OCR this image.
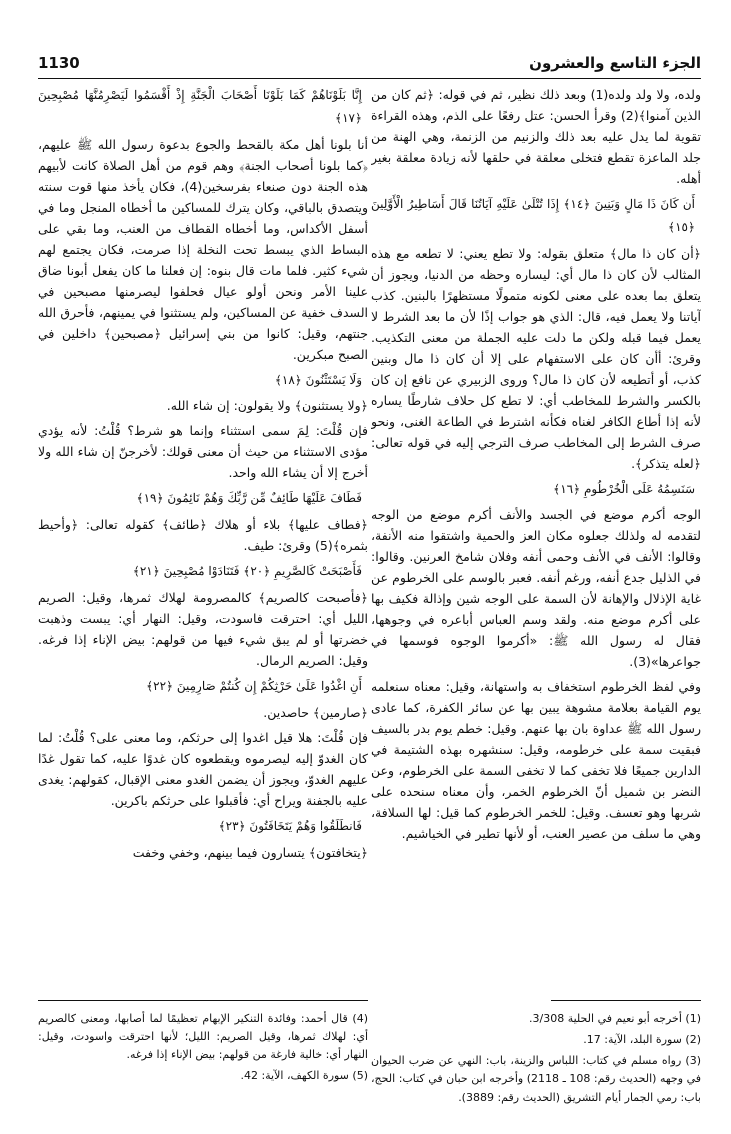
الجزء التاسع والعشرون
1130

ولده، ولا ولد ولده(1) وبعد ذلك نظير، ثم في قوله: ﴿ثم كان من الذين آمنوا﴾(2) وقرأ الحسن: عتل رفعًا على الذم، وهذه القراءة تقوية لما يدل عليه بعد ذلك والزنيم من الزنمة، وهي الهنة من جلد الماعزة تقطع فتخلى معلقة في حلقها لأنه زيادة معلقة بغير أهله.

أَن كَانَ ذَا مَالٍ وَبَنِينَ ﴿١٤﴾ إِذَا تُتْلَىٰ عَلَيْهِ آيَاتُنَا قَالَ أَسَاطِيرُ الْأَوَّلِينَ ﴿١٥﴾

﴿أن كان ذا مال﴾ متعلق بقوله: ولا تطع يعني: لا تطعه مع هذه المثالب لأن كان ذا مال أي: ليساره وحظه من الدنيا، ويجوز أن يتعلق بما بعده على معنى لكونه متمولًا مستظهرًا بالبنين. كذب آياتنا ولا يعمل فيه، قال: الذي هو جواب إذًا لأن ما بعد الشرط لا يعمل فيما قبله ولكن ما دلت عليه الجملة من معنى التكذيب. وقرئ: أأن كان على الاستفهام على إلا أن كان ذا مال وبنين كذب، أو أتطيعه لأن كان ذا مال؟ وروى الزبيري عن نافع إن كان بالكسر والشرط للمخاطب أي: لا تطع كل حلاف شارطًا يساره لأنه إذا أطاع الكافر لغناه فكأنه اشترط في الطاعة الغنى، ونحو صرف الشرط إلى المخاطب صرف الترجي إليه في قوله تعالى: ﴿لعله يتذكر﴾.

سَنَسِمُهُ عَلَى الْخُرْطُومِ ﴿١٦﴾

الوجه أكرم موضع في الجسد والأنف أكرم موضع من الوجه لتقدمه له ولذلك جعلوه مكان العز والحمية واشتقوا منه الأنفة، وقالوا: الأنف في الأنف وحمى أنفه وفلان شامخ العرنين. وقالوا: في الذليل جدع أنفه، ورغم أنفه. فعبر بالوسم على الخرطوم عن غاية الإذلال والإهانة لأن السمة على الوجه شين وإذالة فكيف بها على أكرم موضع منه. ولقد وسم العباس أباعره في وجوهها، فقال له رسول الله ﷺ: «أكرموا الوجوه فوسمها في جواعرها»(3).

وفي لفظ الخرطوم استخفاف به واستهانة، وقيل: معناه سنعلمه يوم القيامة بعلامة مشوهة يبين بها عن سائر الكفرة، كما عادى رسول الله ﷺ عداوة بان بها عنهم. وقيل: خطم يوم بدر بالسيف فبقيت سمة على خرطومه، وقيل: سنشهره بهذه الشتيمة في الدارين جميعًا فلا تخفى كما لا تخفى السمة على الخرطوم، وعن النضر بن شميل أنّ الخرطوم الخمر، وأن معناه سنحده على شربها وهو تعسف. وقيل: للخمر الخرطوم كما قيل: لها السلافة، وهي ما سلف من عصير العنب، أو لأنها تطير في الخياشيم.

إِنَّا بَلَوْنَاهُمْ كَمَا بَلَوْنَا أَصْحَابَ الْجَنَّةِ إِذْ أَقْسَمُوا لَيَصْرِمُنَّهَا مُصْبِحِينَ ﴿١٧﴾

أنا بلونا أهل مكة بالقحط والجوع بدعوة رسول الله ﷺ عليهم، ﴿كما بلونا أصحاب الجنة﴾ وهم قوم من أهل الصلاة كانت لأبيهم هذه الجنة دون صنعاء بفرسخين(4)، فكان يأخذ منها قوت سنته ويتصدق بالباقي، وكان يترك للمساكين ما أخطاه المنجل وما في أسفل الأكداس، وما أخطاه القطاف من العنب، وما بقي على البساط الذي يبسط تحت النخلة إذا صرمت، فكان يجتمع لهم شيء كثير. فلما مات قال بنوه: إن فعلنا ما كان يفعل أبونا ضاق علينا الأمر ونحن أولو عيال فحلفوا ليصرمنها مصبحين في السدف خفية عن المساكين، ولم يستثنوا في يمينهم، فأحرق الله جنتهم، وقيل: كانوا من بني إسرائيل ﴿مصبحين﴾ داخلين في الصبح مبكرين.

وَلَا يَسْتَثْنُونَ ﴿١٨﴾

﴿ولا يستثنون﴾ ولا يقولون: إن شاء الله.

فإن قُلْتَ: لِمَ سمى استثناء وإنما هو شرط؟ قُلْتُ: لأنه يؤدي مؤدى الاستثناء من حيث أن معنى قولك: لأخرجنّ إن شاء الله ولا أخرج إلا أن يشاء الله واحد.

فَطَافَ عَلَيْهَا طَائِفٌ مِّن رَّبِّكَ وَهُمْ نَائِمُونَ ﴿١٩﴾

﴿فطاف عليها﴾ بلاء أو هلاك ﴿طائف﴾ كقوله تعالى: ﴿وأحيط بثمره﴾(5) وقرئ: طيف.

فَأَصْبَحَتْ كَالصَّرِيمِ ﴿٢٠﴾ فَتَنَادَوْا مُصْبِحِينَ ﴿٢١﴾

﴿فأصبحت كالصريم﴾ كالمصرومة لهلاك ثمرها، وقيل: الصريم الليل أي: احترقت فاسودت، وقيل: النهار أي: يبست وذهبت خضرتها أو لم يبق شيء فيها من قولهم: بيض الإناء إذا فرغه. وقيل: الصريم الرمال.

أَنِ اغْدُوا عَلَىٰ حَرْثِكُمْ إِن كُنتُمْ صَارِمِينَ ﴿٢٢﴾

﴿صارمين﴾ حاصدين.

فإن قُلْتَ: هلا قيل اغدوا إلى حرثكم، وما معنى على؟ قُلْتُ: لما كان الغدوّ إليه ليصرموه ويقطعوه كان غدوًا عليه، كما تقول غدًا عليهم الغدوّ، ويجوز أن يضمن الغدو معنى الإقبال، كقولهم: يغدى عليه بالجفنة ويراح أي: فأقبلوا على حرثكم باكرين.

فَانطَلَقُوا وَهُمْ يَتَخَافَتُونَ ﴿٢٣﴾

﴿يتخافتون﴾ يتسارون فيما بينهم، وخفي وخفت

(1) أخرجه أبو نعيم في الحلية 3/308.

(2) سورة البلد، الآية: 17.

(3) رواه مسلم في كتاب: اللباس والزينة، باب: النهي عن ضرب الحيوان في وجهه (الحديث رقم: 108 ـ 2118) وأخرجه ابن حبان في كتاب: الحج، باب: رمي الجمار أيام التشريق (الحديث رقم: 3889).

(4) قال أحمد: وفائدة التنكير الإبهام تعظيمًا لما أصابها، ومعنى كالصريم أي: لهلاك ثمرها، وقيل الصريم: الليل؛ لأنها احترقت واسودت، وقيل: النهار أي: خالية فارغة من قولهم: بيض الإناء إذا فرغه.

(5) سورة الكهف، الآية: 42.
